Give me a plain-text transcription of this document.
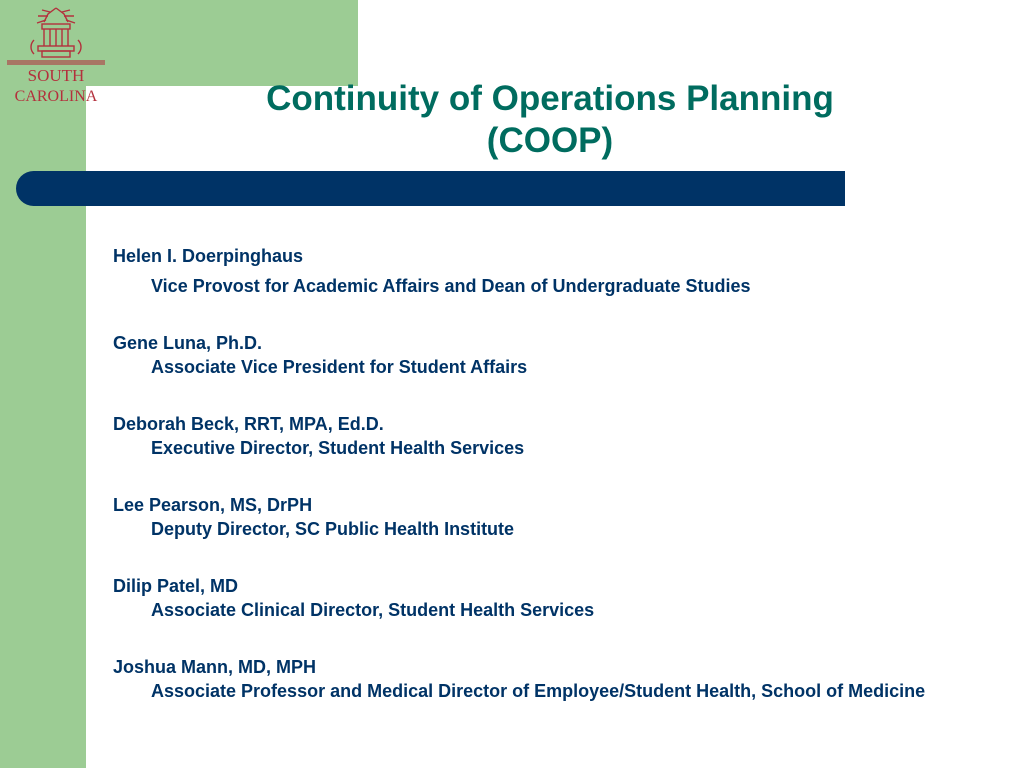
SOUTH
CAROLINA	Continuity of Operations Planning
(COOP)
Helen I. Doerpinghaus
Vice Provost for Academic Affairs and Dean of Undergraduate Studies
Gene Luna, Ph.D.
Associate Vice President for Student Affairs
Deborah Beck, RRT, MPA, Ed.D.
Executive Director, Student Health Services
Lee Pearson, MS, DrPH
Deputy Director, SC Public Health Institute
Dilip Patel, MD
Associate Clinical Director, Student Health Services
Joshua Mann, MD, MPH
Associate Professor and Medical Director of Employee/Student Health, School of Medicine
